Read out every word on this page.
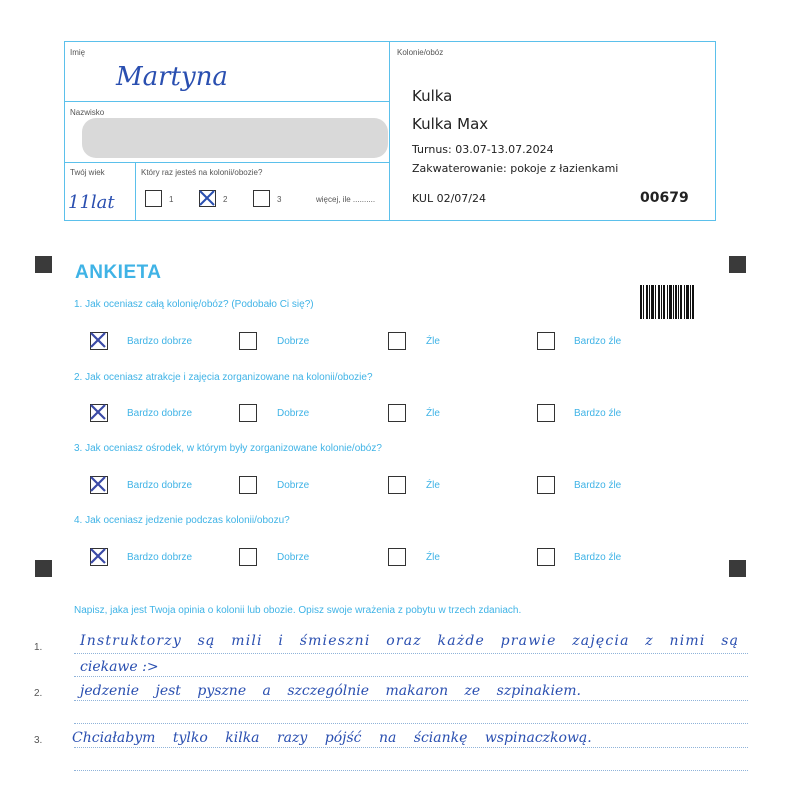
Imię
Martyna
Nazwisko
Twój wiek
11lat
Który raz jesteś na kolonii/obozie?
1	2	3	więcej, ile ..........
Kolonie/obóz
Kulka
Kulka Max
Turnus: 03.07-13.07.2024
Zakwaterowanie: pokoje z łazienkami
KUL 02/07/24	00679
ANKIETA
1. Jak oceniasz całą kolonię/obóz? (Podobało Ci się?)
Bardzo dobrze	Dobrze	Źle	Bardzo źle
2. Jak oceniasz atrakcje i zajęcia zorganizowane na kolonii/obozie?
Bardzo dobrze	Dobrze	Źle	Bardzo źle
3. Jak oceniasz ośrodek, w którym były zorganizowane kolonie/obóz?
Bardzo dobrze	Dobrze	Źle	Bardzo źle
4. Jak oceniasz jedzenie podczas kolonii/obozu?
Bardzo dobrze	Dobrze	Źle	Bardzo źle
Napisz, jaka jest Twoja opinia o kolonii lub obozie. Opisz swoje wrażenia z pobytu w trzech zdaniach.
1.
2.
3.
Instruktorzy są mili i śmieszni oraz każde prawie zajęcia z nimi są
ciekawe :>
jedzenie jest pyszne a szczególnie makaron ze szpinakiem.
Chciałabym tylko kilka razy pójść na ściankę wspinaczkową.
